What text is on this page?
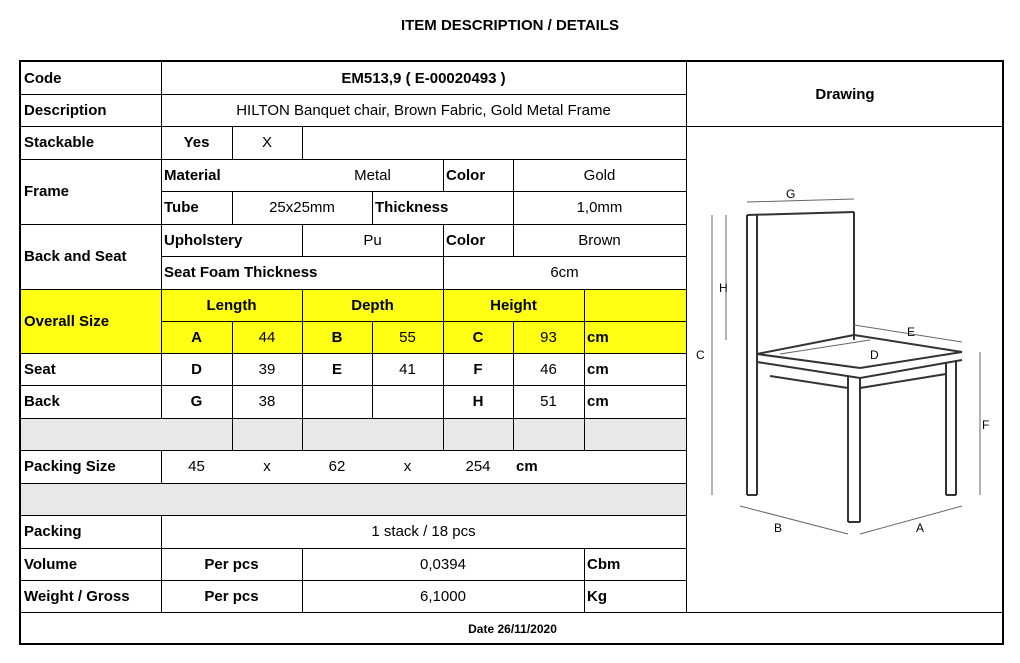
ITEM DESCRIPTION / DETAILS
Code	EM513,9 ( E-00020493 )
Description	HILTON Banquet chair, Brown Fabric, Gold Metal Frame
Drawing
Stackable	Yes	X
Frame
Material	Metal	Color	Gold
Tube	25x25mm	Thickness	1,0mm
Back and Seat
Upholstery	Pu	Color	Brown
Seat Foam Thickness	6cm
Overall Size
Length	Depth	Height
A	44	B	55	C	93	cm
Seat	D	39	E	41	F	46	cm
Back	G	38	H	51	cm
Packing Size	45	x	62	x	254	cm
Packing	1 stack / 18 pcs
Volume	Per pcs	0,0394	Cbm
Weight / Gross	Per pcs	6,1000	Kg
Date 26/11/2020
G
H
C
E
D
F
B	A
